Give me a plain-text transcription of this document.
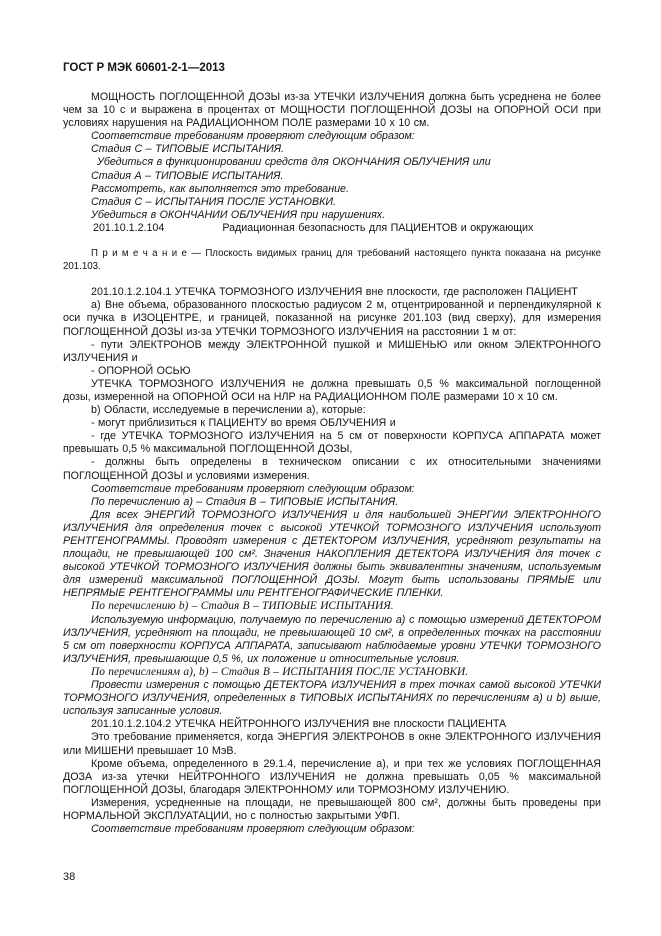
ГОСТ Р МЭК 60601-2-1—2013

МОЩНОСТЬ ПОГЛОЩЕННОЙ ДОЗЫ из-за УТЕЧКИ ИЗЛУЧЕНИЯ должна быть усреднена не более чем за 10 с и выражена в процентах от МОЩНОСТИ ПОГЛОЩЕННОЙ ДОЗЫ на ОПОРНОЙ ОСИ при условиях нарушения на РАДИАЦИОННОМ ПОЛЕ размерами 10 х 10 см.

Соответствие требованиям проверяют следующим образом:

Стадия С – ТИПОВЫЕ ИСПЫТАНИЯ.

Убедиться в функционировании средств для ОКОНЧАНИЯ ОБЛУЧЕНИЯ или

Стадия А – ТИПОВЫЕ ИСПЫТАНИЯ.

Рассмотреть, как выполняется это требование.

Стадия С – ИСПЫТАНИЯ ПОСЛЕ УСТАНОВКИ.

Убедиться в ОКОНЧАНИИ ОБЛУЧЕНИЯ при нарушениях.

201.10.1.2.104	Радиационная безопасность для ПАЦИЕНТОВ и окружающих

П р и м е ч а н и е — Плоскость видимых границ для требований настоящего пункта показана на рисунке 201.103.

201.10.1.2.104.1 УТЕЧКА ТОРМОЗНОГО ИЗЛУЧЕНИЯ вне плоскости, где расположен ПАЦИЕНТ

а) Вне объема, образованного плоскостью радиусом 2 м, отцентрированной и перпендикулярной к оси пучка в ИЗОЦЕНТРЕ, и границей, показанной на рисунке 201.103 (вид сверху), для измерения ПОГЛОЩЕННОЙ ДОЗЫ из-за УТЕЧКИ ТОРМОЗНОГО ИЗЛУЧЕНИЯ на расстоянии 1 м от:

- пути ЭЛЕКТРОНОВ между ЭЛЕКТРОННОЙ пушкой и МИШЕНЬЮ или окном ЭЛЕКТРОННОГО ИЗЛУЧЕНИЯ и

- ОПОРНОЙ ОСЬЮ

УТЕЧКА ТОРМОЗНОГО ИЗЛУЧЕНИЯ не должна превышать 0,5 % максимальной поглощенной дозы, измеренной на ОПОРНОЙ ОСИ на НЛР на РАДИАЦИОННОМ ПОЛЕ размерами 10 х 10 см.

b) Области, исследуемые в перечислении а), которые:

- могут приблизиться к ПАЦИЕНТУ во время ОБЛУЧЕНИЯ и

- где УТЕЧКА ТОРМОЗНОГО ИЗЛУЧЕНИЯ на 5 см от поверхности КОРПУСА АППАРАТА может превышать 0,5 % максимальной ПОГЛОЩЕННОЙ ДОЗЫ,

- должны быть определены в техническом описании с их относительными значениями ПОГЛОЩЕННОЙ ДОЗЫ и условиями измерения.

Соответствие требованиям проверяют следующим образом:

По перечислению а) – Стадия В – ТИПОВЫЕ ИСПЫТАНИЯ.

Для всех ЭНЕРГИЙ ТОРМОЗНОГО ИЗЛУЧЕНИЯ и для наибольшей ЭНЕРГИИ ЭЛЕКТРОННОГО ИЗЛУЧЕНИЯ для определения точек с высокой УТЕЧКОЙ ТОРМОЗНОГО ИЗЛУЧЕНИЯ используют РЕНТГЕНОГРАММЫ. Проводят измерения с ДЕТЕКТОРОМ ИЗЛУЧЕНИЯ, усредняют результаты на площади, не превышающей 100 см². Значения НАКОПЛЕНИЯ ДЕТЕКТОРА ИЗЛУЧЕНИЯ для точек с высокой УТЕЧКОЙ ТОРМОЗНОГО ИЗЛУЧЕНИЯ должны быть эквивалентны значениям, используемым для измерений максимальной ПОГЛОЩЕННОЙ ДОЗЫ. Могут быть использованы ПРЯМЫЕ или НЕПРЯМЫЕ РЕНТГЕНОГРАММЫ или РЕНТГЕНОГРАФИЧЕСКИЕ ПЛЕНКИ.

По перечислению b) – Стадия В – ТИПОВЫЕ ИСПЫТАНИЯ.

Используемую информацию, получаемую по перечислению а) с помощью измерений ДЕТЕКТОРОМ ИЗЛУЧЕНИЯ, усредняют на площади, не превышающей 10 см², в определенных точках на расстоянии 5 см от поверхности КОРПУСА АППАРАТА, записывают наблюдаемые уровни УТЕЧКИ ТОРМОЗНОГО ИЗЛУЧЕНИЯ, превышающие 0,5 %, их положение и относительные условия.

По перечислениям а), b) – Стадия В – ИСПЫТАНИЯ ПОСЛЕ УСТАНОВКИ.

Провести измерения с помощью ДЕТЕКТОРА ИЗЛУЧЕНИЯ в трех точках самой высокой УТЕЧКИ ТОРМОЗНОГО ИЗЛУЧЕНИЯ, определенных в ТИПОВЫХ ИСПЫТАНИЯХ по перечислениям а) и b) выше, используя записанные условия.

201.10.1.2.104.2 УТЕЧКА НЕЙТРОННОГО ИЗЛУЧЕНИЯ вне плоскости ПАЦИЕНТА

Это требование применяется, когда ЭНЕРГИЯ ЭЛЕКТРОНОВ в окне ЭЛЕКТРОННОГО ИЗЛУЧЕНИЯ или МИШЕНИ превышает 10 МэВ.

Кроме объема, определенного в 29.1.4, перечисление а), и при тех же условиях ПОГЛОЩЕННАЯ ДОЗА из-за утечки НЕЙТРОННОГО ИЗЛУЧЕНИЯ не должна превышать 0,05 % максимальной ПОГЛОЩЕННОЙ ДОЗЫ, благодаря ЭЛЕКТРОННОМУ или ТОРМОЗНОМУ ИЗЛУЧЕНИЮ.

Измерения, усредненные на площади, не превышающей 800 см², должны быть проведены при НОРМАЛЬНОЙ ЭКСПЛУАТАЦИИ, но с полностью закрытыми УФП.

Соответствие требованиям проверяют следующим образом:

38
